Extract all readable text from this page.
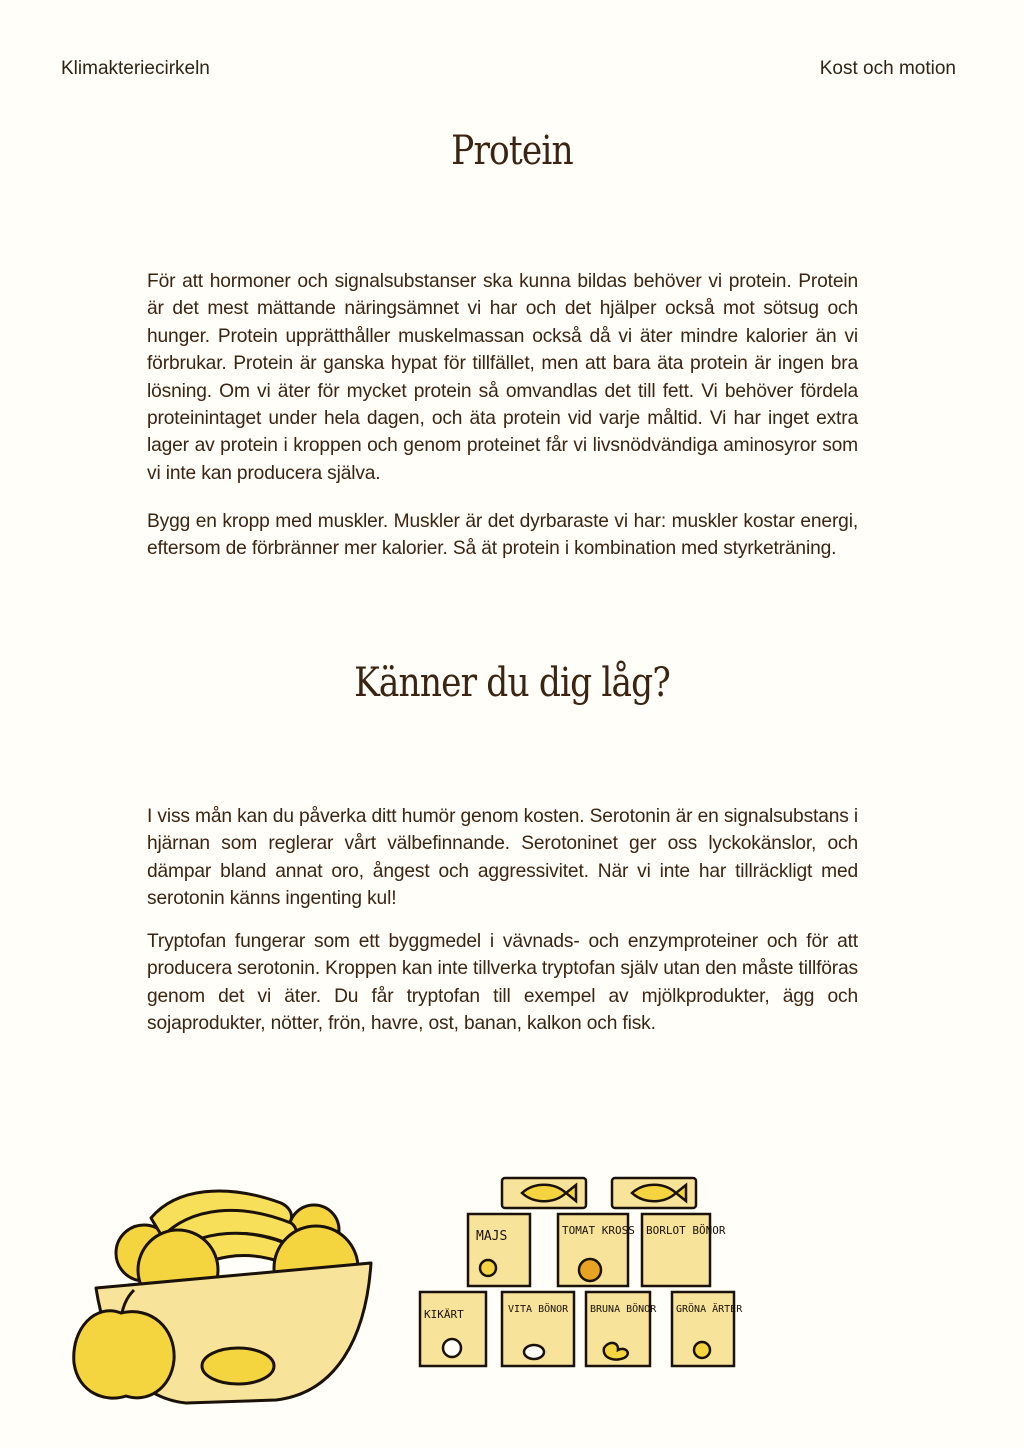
Klimakteriecirkeln	Kost och motion
Protein

För att hormoner och signalsubstanser ska kunna bildas behöver vi protein. Protein är det mest mättande näringsämnet vi har och det hjälper också mot sötsug och hunger. Protein upprätthåller muskelmassan också då vi äter mindre kalorier än vi förbrukar. Protein är ganska hypat för tillfället, men att bara äta protein är ingen bra lösning. Om vi äter för mycket protein så omvandlas det till fett. Vi behöver fördela proteinintaget under hela dagen, och äta protein vid varje måltid. Vi har inget extra lager av protein i kroppen och genom proteinet får vi livsnödvändiga aminosyror som vi inte kan producera själva.

Bygg en kropp med muskler. Muskler är det dyrbaraste vi har: muskler kostar energi, eftersom de förbränner mer kalorier. Så ät protein i kombination med styrketräning.

Känner du dig låg?

I viss mån kan du påverka ditt humör genom kosten. Serotonin är en signalsubstans i hjärnan som reglerar vårt välbefinnande. Serotoninet ger oss lyckokänslor, och dämpar bland annat oro, ångest och aggressivitet. När vi inte har tillräckligt med serotonin känns ingenting kul!

Tryptofan fungerar som ett byggmedel i vävnads- och enzymproteiner och för att producera serotonin. Kroppen kan inte tillverka tryptofan själv utan den måste tillföras genom det vi äter. Du får tryptofan till exempel av mjölkprodukter, ägg och sojaprodukter, nötter, frön, havre, ost, banan, kalkon och fisk.

MAJS	TOMAT KROSS BORLOT BÖNOR
KIKÄRT	VITA BÖNOR BRUNA BÖNOR GRÖNA ÄRTER
